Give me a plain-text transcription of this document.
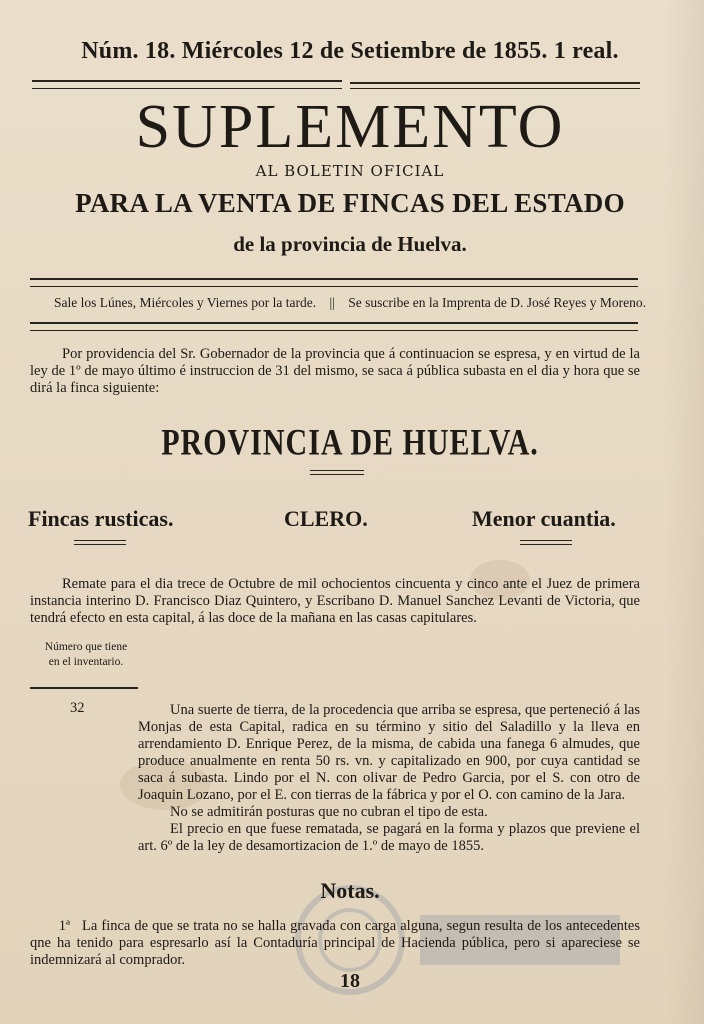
Núm. 18. Miércoles 12 de Setiembre de 1855. 1 real.
SUPLEMENTO
AL BOLETIN OFICIAL
PARA LA VENTA DE FINCAS DEL ESTADO
de la provincia de Huelva.
Sale los Lúnes, Miércoles y Viernes por la tarde. || Se suscribe en la Imprenta de D. José Reyes y Moreno.
Por providencia del Sr. Gobernador de la provincia que á continuacion se espresa, y en virtud de la ley de 1º de mayo último é instruccion de 31 del mismo, se saca á pública subasta en el dia y hora que se dirá la finca siguiente:
PROVINCIA DE HUELVA.
Fincas rusticas.	CLERO.	Menor cuantia.
Remate para el dia trece de Octubre de mil ochocientos cincuenta y cinco ante el Juez de primera instancia interino D. Francisco Diaz Quintero, y Escribano D. Manuel Sanchez Levanti de Victoria, que tendrá efecto en esta capital, á las doce de la mañana en las casas capitulares.
Número que tiene en el inventario.
32	Una suerte de tierra, de la procedencia que arriba se espresa, que perteneció á las Monjas de esta Capital, radica en su término y sitio del Saladillo y la lleva en arrendamiento D. Enrique Perez, de la misma, de cabida una fanega 6 almudes, que produce anualmente en renta 50 rs. vn. y capitalizado en 900, por cuya cantidad se saca á subasta. Lindo por el N. con olivar de Pedro Garcia, por el S. con otro de Joaquin Lozano, por el E. con tierras de la fábrica y por el O. con camino de la Jara.

No se admitirán posturas que no cubran el tipo de esta.

El precio en que fuese rematada, se pagará en la forma y plazos que previene el art. 6º de la ley de desamortizacion de 1.º de mayo de 1855.

Notas.
1ª La finca de que se trata no se halla gravada con carga alguna, segun resulta de los antecedentes qne ha tenido para espresarlo así la Contaduría principal de Hacienda pública, pero si apareciese se indemnizará al comprador.
18
